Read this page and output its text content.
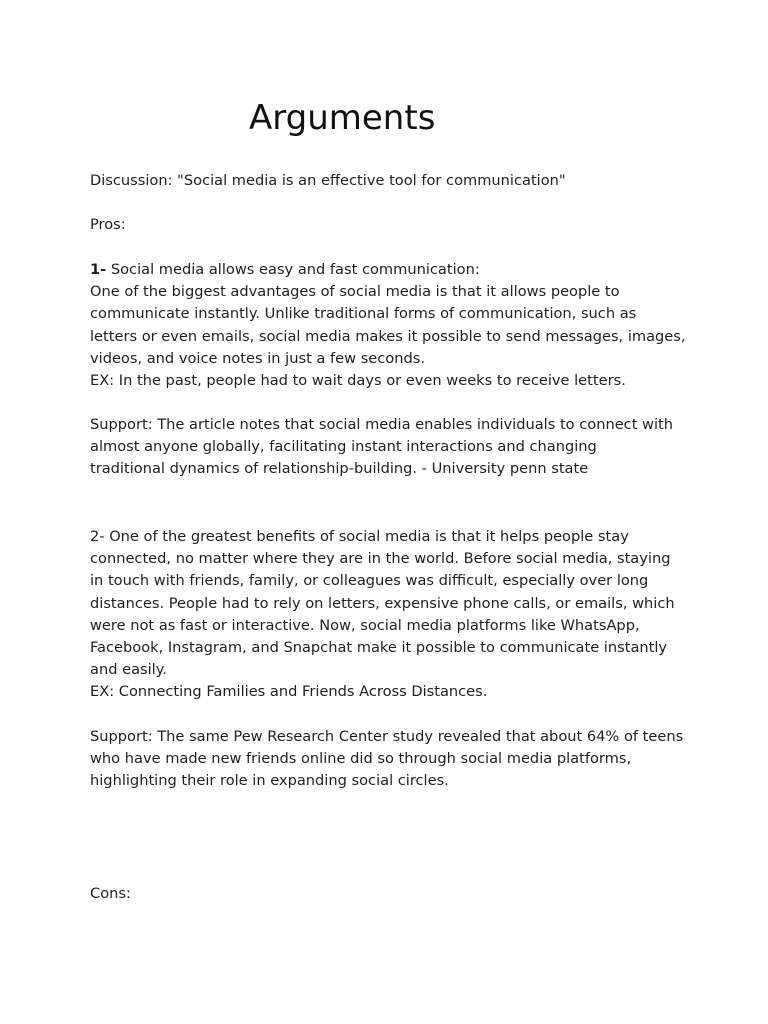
Arguments
Discussion: "Social media is an effective tool for communication"
Pros:
1- Social media allows easy and fast communication:
One of the biggest advantages of social media is that it allows people to
communicate instantly. Unlike traditional forms of communication, such as
letters or even emails, social media makes it possible to send messages, images,
videos, and voice notes in just a few seconds.
EX: In the past, people had to wait days or even weeks to receive letters.
Support: The article notes that social media enables individuals to connect with
almost anyone globally, facilitating instant interactions and changing
traditional dynamics of relationship-building. - University penn state
2- One of the greatest benefits of social media is that it helps people stay
connected, no matter where they are in the world. Before social media, staying
in touch with friends, family, or colleagues was difficult, especially over long
distances. People had to rely on letters, expensive phone calls, or emails, which
were not as fast or interactive. Now, social media platforms like WhatsApp,
Facebook, Instagram, and Snapchat make it possible to communicate instantly
and easily.
EX: Connecting Families and Friends Across Distances.
Support: The same Pew Research Center study revealed that about 64% of teens
who have made new friends online did so through social media platforms,
highlighting their role in expanding social circles.
Cons:
